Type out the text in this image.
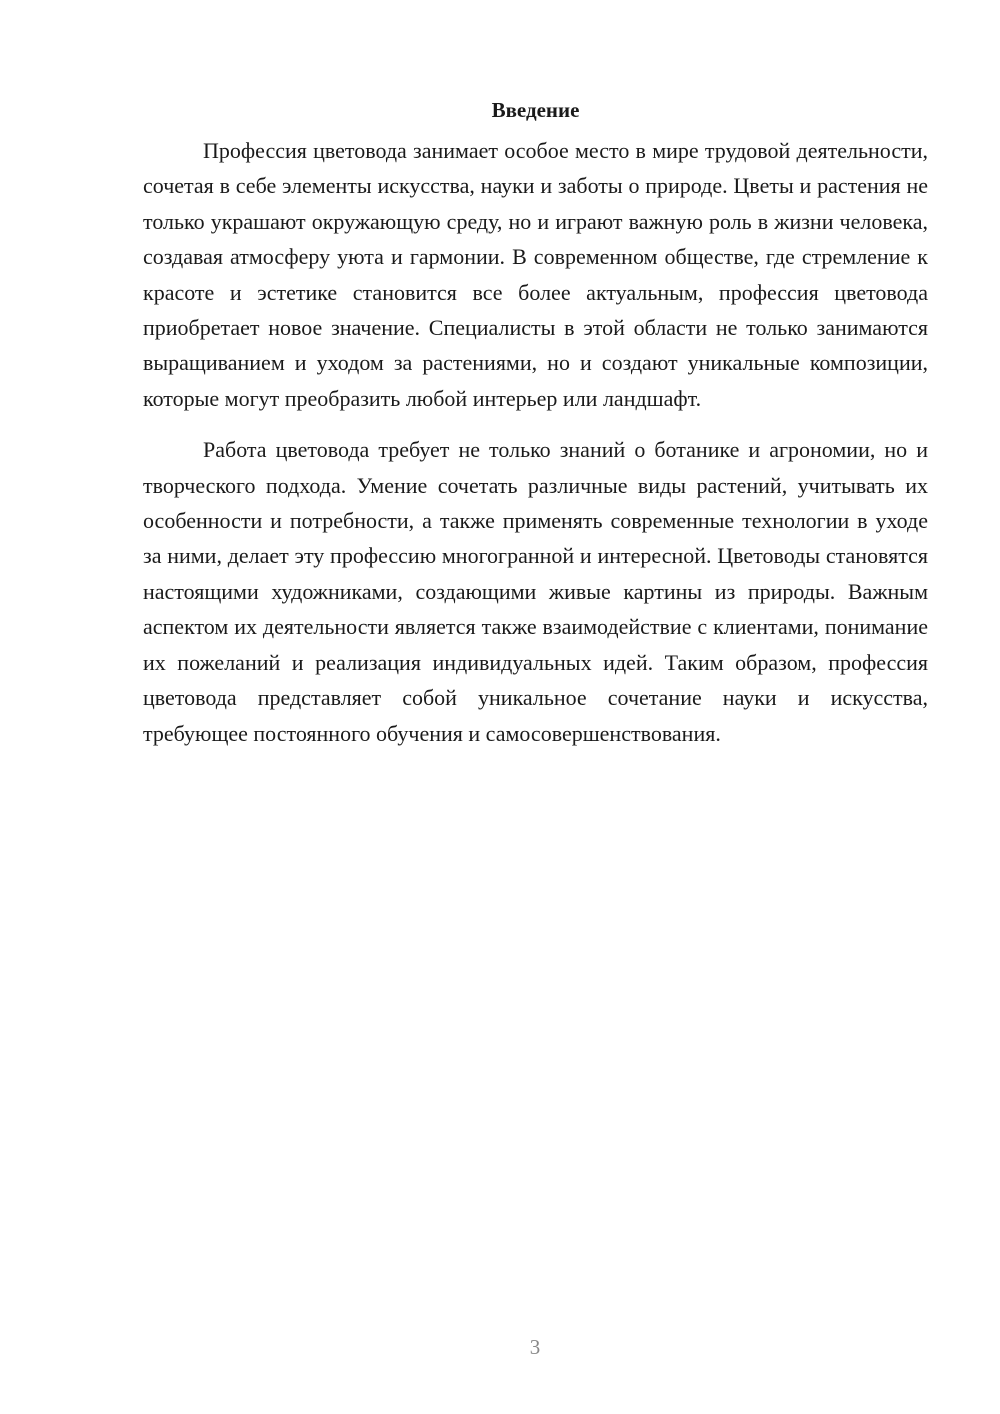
Введение

Профессия цветовода занимает особое место в мире трудовой деятельности, сочетая в себе элементы искусства, науки и заботы о природе. Цветы и растения не только украшают окружающую среду, но и играют важную роль в жизни человека, создавая атмосферу уюта и гармонии. В современном обществе, где стремление к красоте и эстетике становится все более актуальным, профессия цветовода приобретает новое значение. Специалисты в этой области не только занимаются выращиванием и уходом за растениями, но и создают уникальные композиции, которые могут преобразить любой интерьер или ландшафт.

Работа цветовода требует не только знаний о ботанике и агрономии, но и творческого подхода. Умение сочетать различные виды растений, учитывать их особенности и потребности, а также применять современные технологии в уходе за ними, делает эту профессию многогранной и интересной. Цветоводы становятся настоящими художниками, создающими живые картины из природы. Важным аспектом их деятельности является также взаимодействие с клиентами, понимание их пожеланий и реализация индивидуальных идей. Таким образом, профессия цветовода представляет собой уникальное сочетание науки и искусства, требующее постоянного обучения и самосовершенствования.

3
